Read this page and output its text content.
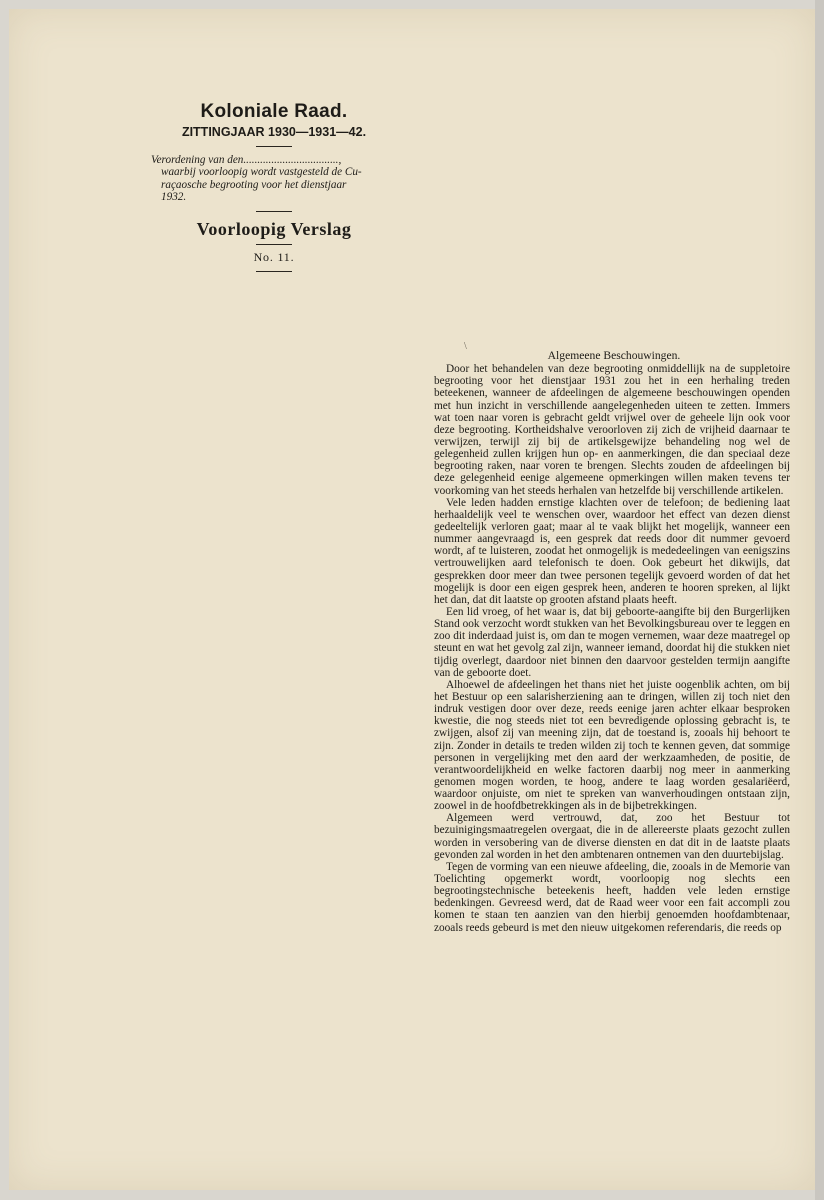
Koloniale Raad.
ZITTINGJAAR 1930—1931—42.
Verordening van den..................................,
waarbij voorloopig wordt vastgesteld de Cu-
raçaosche begrooting voor het dienstjaar
1932.
Voorloopig Verslag
No. 11.
\
Algemeene Beschouwingen.

Door het behandelen van deze begrooting onmiddellijk na de suppletoire begrooting voor het dienstjaar 1931 zou het in een herhaling treden beteekenen, wanneer de afdeelingen de algemeene beschouwingen openden met hun inzicht in verschillende aangelegenheden uiteen te zetten. Immers wat toen naar voren is gebracht geldt vrijwel over de geheele lijn ook voor deze begrooting. Kortheidshalve veroorloven zij zich de vrijheid daarnaar te verwijzen, terwijl zij bij de artikelsgewijze behandeling nog wel de gelegenheid zullen krijgen hun op- en aanmerkingen, die dan speciaal deze begrooting raken, naar voren te brengen. Slechts zouden de afdeelingen bij deze gelegenheid eenige algemeene opmerkingen willen maken tevens ter voorkoming van het steeds herhalen van hetzelfde bij verschillende artikelen.

Vele leden hadden ernstige klachten over de telefoon; de bediening laat herhaaldelijk veel te wenschen over, waardoor het effect van dezen dienst gedeeltelijk verloren gaat; maar al te vaak blijkt het mogelijk, wanneer een nummer aangevraagd is, een gesprek dat reeds door dit nummer gevoerd wordt, af te luisteren, zoodat het onmogelijk is mededeelingen van eenigszins vertrouwelijken aard telefonisch te doen. Ook gebeurt het dikwijls, dat gesprekken door meer dan twee personen tegelijk gevoerd worden of dat het mogelijk is door een eigen gesprek heen, anderen te hooren spreken, al lijkt het dan, dat dit laatste op grooten afstand plaats heeft.

Een lid vroeg, of het waar is, dat bij geboorte-aangifte bij den Burgerlijken Stand ook verzocht wordt stukken van het Bevolkingsbureau over te leggen en zoo dit inderdaad juist is, om dan te mogen vernemen, waar deze maatregel op steunt en wat het gevolg zal zijn, wanneer iemand, doordat hij die stukken niet tijdig overlegt, daardoor niet binnen den daarvoor gestelden termijn aangifte van de geboorte doet.

Alhoewel de afdeelingen het thans niet het juiste oogenblik achten, om bij het Bestuur op een salarisherziening aan te dringen, willen zij toch niet den indruk vestigen door over deze, reeds eenige jaren achter elkaar besproken kwestie, die nog steeds niet tot een bevredigende oplossing gebracht is, te zwijgen, alsof zij van meening zijn, dat de toestand is, zooals hij behoort te zijn. Zonder in details te treden wilden zij toch te kennen geven, dat sommige personen in vergelijking met den aard der werkzaamheden, de positie, de verantwoordelijkheid en welke factoren daarbij nog meer in aanmerking genomen mogen worden, te hoog, andere te laag worden gesalariëerd, waardoor onjuiste, om niet te spreken van wanverhoudingen ontstaan zijn, zoowel in de hoofdbetrekkingen als in de bijbetrekkingen.

Algemeen werd vertrouwd, dat, zoo het Bestuur tot bezuinigingsmaatregelen overgaat, die in de allereerste plaats gezocht zullen worden in versobering van de diverse diensten en dat dit in de laatste plaats gevonden zal worden in het den ambtenaren ontnemen van den duurtebijslag.

Tegen de vorming van een nieuwe afdeeling, die, zooals in de Memorie van Toelichting opgemerkt wordt, voorloopig nog slechts een begrootingstechnische beteekenis heeft, hadden vele leden ernstige bedenkingen. Gevreesd werd, dat de Raad weer voor een fait accompli zou komen te staan ten aanzien van den hierbij genoemden hoofdambtenaar, zooals reeds gebeurd is met den nieuw uitgekomen referendaris, die reeds op
